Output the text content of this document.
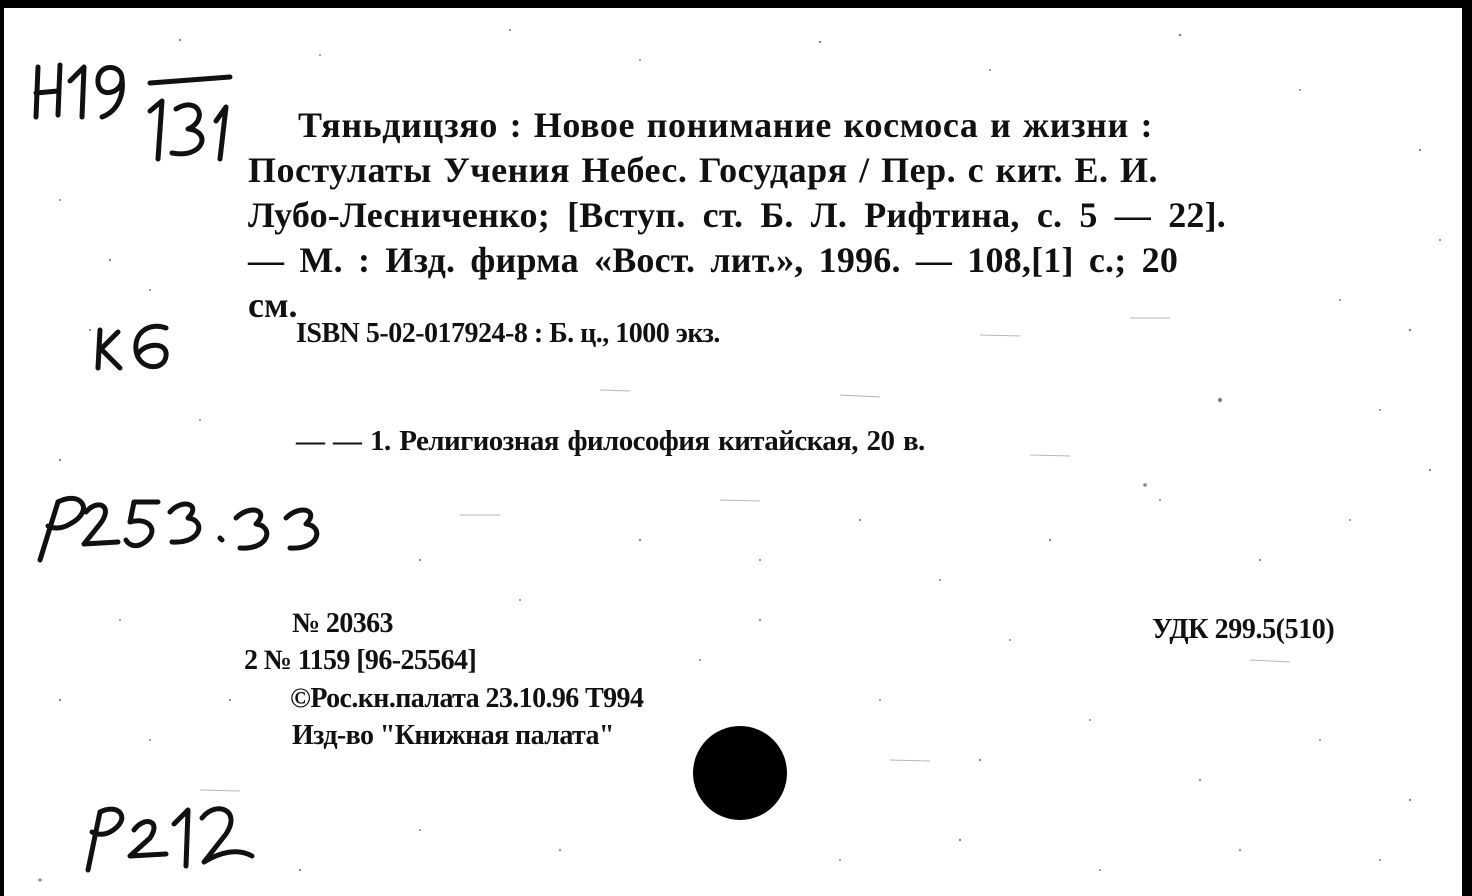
Тяньдицзяо : Новое понимание космоса и жизни :
Постулаты Учения Небес. Государя / Пер. с кит. Е. И.
Лубо-Лесниченко; [Вступ. ст. Б. Л. Рифтина, с. 5 — 22].
— М. : Изд. фирма «Вост. лит.», 1996. — 108,[1] с.; 20
см.

ISBN 5-02-017924-8 : Б. ц., 1000 экз.

— — 1. Религиозная философия китайская, 20 в.

№ 20363

2 № 1159 [96-25564]

©Рос.кн.палата 23.10.96 Т994

Изд-во "Книжная палата"

УДК 299.5(510)
